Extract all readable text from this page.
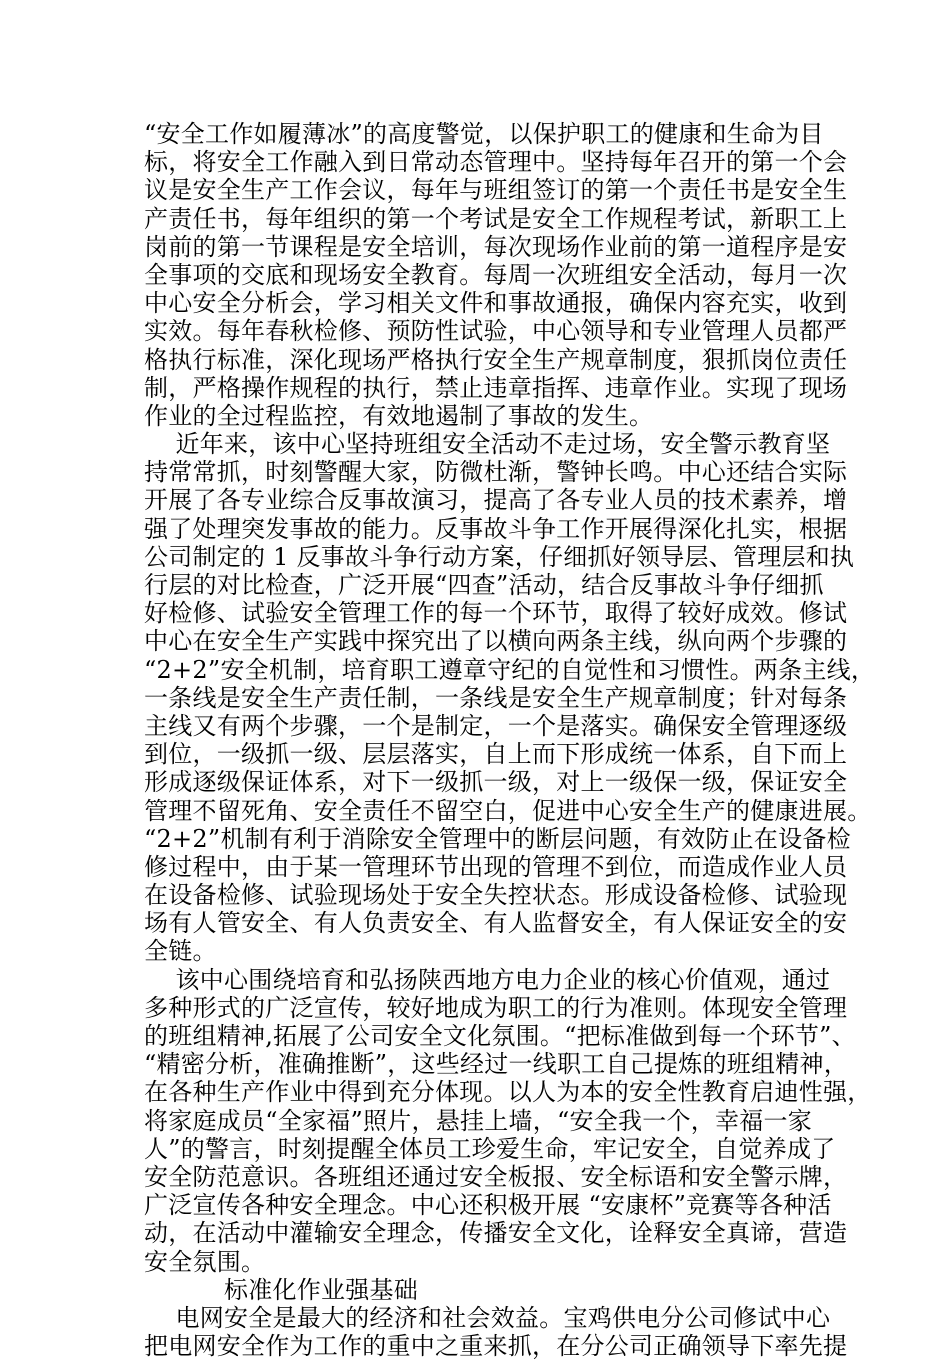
“安全工作如履薄冰”的高度警觉，以保护职工的健康和生命为目
标，将安全工作融入到日常动态管理中。坚持每年召开的第一个会
议是安全生产工作会议，每年与班组签订的第一个责任书是安全生
产责任书，每年组织的第一个考试是安全工作规程考试，新职工上
岗前的第一节课程是安全培训，每次现场作业前的第一道程序是安
全事项的交底和现场安全教育。每周一次班组安全活动，每月一次
中心安全分析会，学习相关文件和事故通报，确保内容充实，收到
实效。每年春秋检修、预防性试验，中心领导和专业管理人员都严
格执行标准，深化现场严格执行安全生产规章制度，狠抓岗位责任
制，严格操作规程的执行，禁止违章指挥、违章作业。实现了现场
作业的全过程监控，有效地遏制了事故的发生。
近年来，该中心坚持班组安全活动不走过场，安全警示教育坚
持常常抓，时刻警醒大家，防微杜渐，警钟长鸣。中心还结合实际
开展了各专业综合反事故演习，提高了各专业人员的技术素养，增
强了处理突发事故的能力。反事故斗争工作开展得深化扎实，根据
公司制定的 1 反事故斗争行动方案，仔细抓好领导层、管理层和执
行层的对比检查，广泛开展“四查”活动，结合反事故斗争仔细抓
好检修、试验安全管理工作的每一个环节，取得了较好成效。修试
中心在安全生产实践中探究出了以横向两条主线，纵向两个步骤的
“2+2”安全机制，培育职工遵章守纪的自觉性和习惯性。两条主线，
一条线是安全生产责任制，一条线是安全生产规章制度；针对每条
主线又有两个步骤，一个是制定，一个是落实。确保安全管理逐级
到位，一级抓一级、层层落实，自上而下形成统一体系，自下而上
形成逐级保证体系，对下一级抓一级，对上一级保一级，保证安全
管理不留死角、安全责任不留空白，促进中心安全生产的健康进展。
“2+2”机制有利于消除安全管理中的断层问题，有效防止在设备检
修过程中，由于某一管理环节出现的管理不到位，而造成作业人员
在设备检修、试验现场处于安全失控状态。形成设备检修、试验现
场有人管安全、有人负责安全、有人监督安全，有人保证安全的安
全链。
该中心围绕培育和弘扬陕西地方电力企业的核心价值观，通过
多种形式的广泛宣传，较好地成为职工的行为准则。体现安全管理
的班组精神,拓展了公司安全文化氛围。“把标准做到每一个环节”、
“精密分析，准确推断”，这些经过一线职工自己提炼的班组精神，
在各种生产作业中得到充分体现。以人为本的安全性教育启迪性强，
将家庭成员“全家福”照片，悬挂上墙，“安全我一个，幸福一家
人”的警言，时刻提醒全体员工珍爱生命，牢记安全，自觉养成了
安全防范意识。各班组还通过安全板报、安全标语和安全警示牌，
广泛宣传各种安全理念。中心还积极开展 “安康杯”竞赛等各种活
动，在活动中灌输安全理念，传播安全文化，诠释安全真谛，营造
安全氛围。
标准化作业强基础
电网安全是最大的经济和社会效益。宝鸡供电分公司修试中心
把电网安全作为工作的重中之重来抓，在分公司正确领导下率先提
